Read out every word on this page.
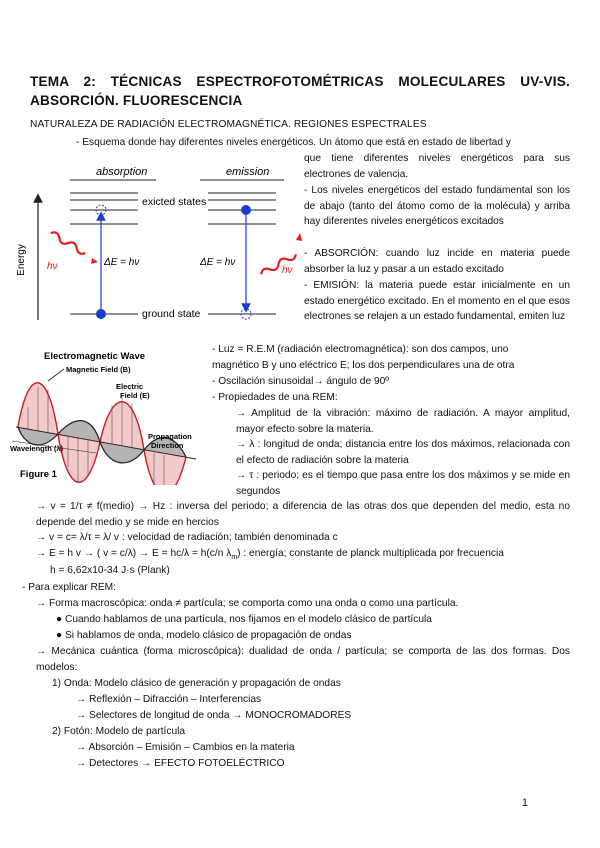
TEMA 2: TÉCNICAS ESPECTROFOTOMÉTRICAS MOLECULARES UV-VIS. ABSORCIÓN. FLUORESCENCIA
NATURALEZA DE RADIACIÓN ELECTROMAGNÉTICA. REGIONES ESPECTRALES
Energy
absorption	emission
exicted states
ground state
ΔE = hν	ΔE = hν
hν	hν
- Esquema donde hay diferentes niveles energéticos. Un átomo que está en estado de libertad y
que tiene diferentes niveles energéticos para sus electrones de valencia.
- Los niveles energéticos del estado fundamental son los de abajo (tanto del átomo como de la molécula) y arriba hay diferentes niveles energéticos excitados
- ABSORCIÓN: cuando luz incide en materia puede absorber la luz y pasar a un estado excitado
- EMISIÓN: la materia puede estar inicialmente en un estado energético excitado. En el momento en el que esos electrones se relajen a un estado fundamental, emiten luz
Electromagnetic Wave
Magnetic Field (B)
Electric
Field (E)
Propagation
Direction
Wavelength (λ)
Figure 1
- Luz = R.E.M (radiación electromagnética): son dos campos, uno
magnético B y uno eléctrico E; los dos perpendiculares una de otra
- Oscilación sinusoidal→ ángulo de 90º
- Propiedades de una REM:
→ Amplitud de la vibración: máximo de radiación. A mayor amplitud, mayor efecto sobre la materia.
→ λ : longitud de onda; distancia entre los dos máximos, relacionada con el efecto de radiación sobre la materia
→ τ : periodo; es el tiempo que pasa entre los dos máximos y se mide en segundos
→ v = 1/τ ≠ f(medio) → Hz : inversa del periodo; a diferencia de las otras dos que dependen del medio, esta no depende del medio y se mide en hercios
→ v = c= λ/τ = λ/ v : velocidad de radiación; también denominada c
→ E = h v → ( v = c/λ) → E = hc/λ = h(c/n $\lambda_m$) : energía; constante de planck multiplicada por frecuencia
h = 6,62x10-34 J·s (Plank)
- Para explicar REM:
→ Forma macroscópica: onda ≠ partícula; se comporta como una onda o como una partícula.
● Cuando hablamos de una partícula, nos fijamos en el modelo clásico de partícula
● Si hablamos de onda, modelo clásico de propagación de ondas
→ Mecánica cuántica (forma microscópica): dualidad de onda / partícula; se comporta de las dos formas. Dos modelos:
1) Onda: Modelo clásico de generación y propagación de ondas
→ Reflexión – Difracción – Interferencias
→ Selectores de longitud de onda → MONOCROMADORES
2) Fotón: Modelo de partícula
→ Absorción – Emisión – Cambios en la materia
→ Detectores → EFECTO FOTOELÉCTRICO
1
